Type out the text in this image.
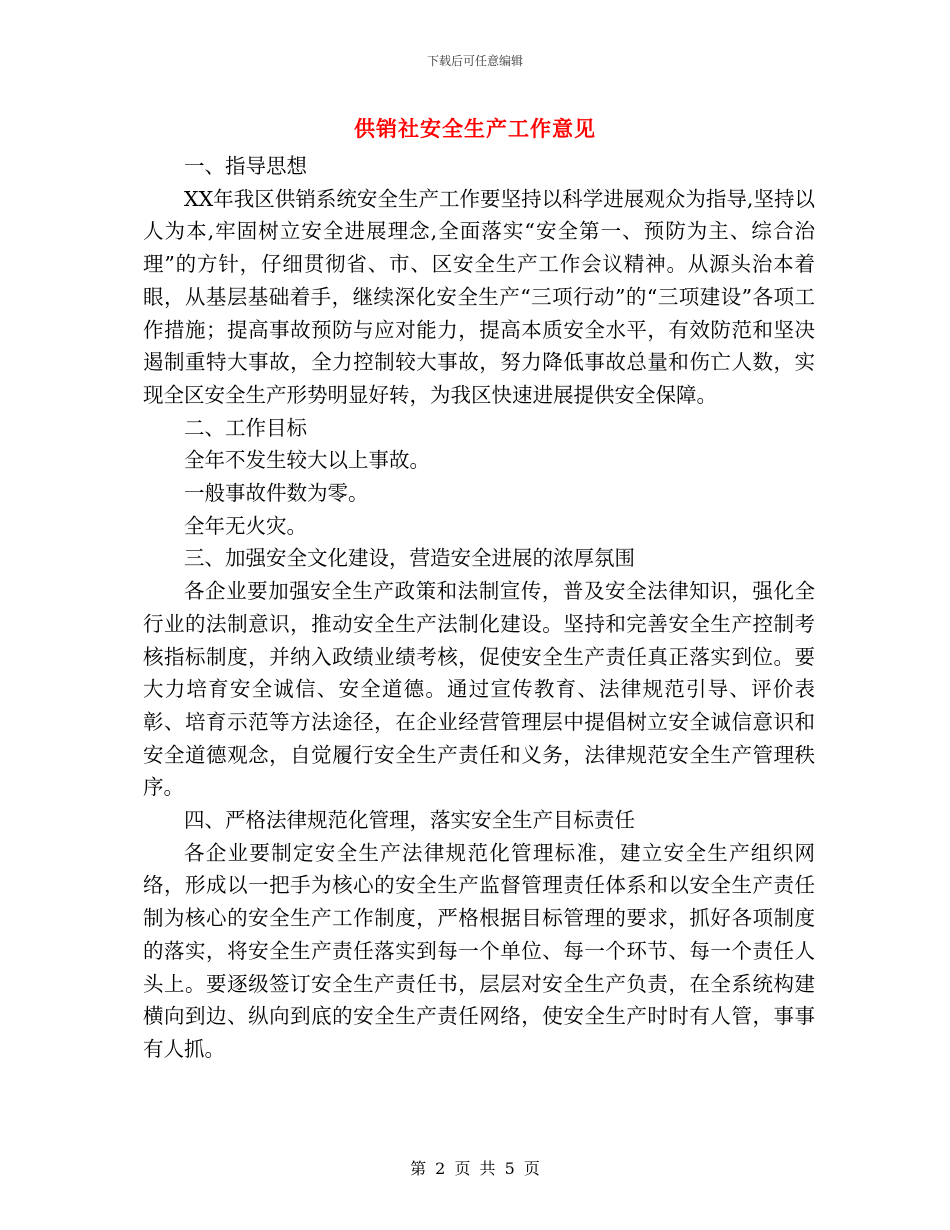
下载后可任意编辑
供销社安全生产工作意见

一、指导思想

XX年我区供销系统安全生产工作要坚持以科学进展观众为指导,坚持以人为本,牢固树立安全进展理念,全面落实“安全第一、预防为主、综合治理”的方针，仔细贯彻省、市、区安全生产工作会议精神。从源头治本着眼，从基层基础着手，继续深化安全生产“三项行动”的“三项建设”各项工作措施；提高事故预防与应对能力，提高本质安全水平，有效防范和坚决遏制重特大事故，全力控制较大事故，努力降低事故总量和伤亡人数，实现全区安全生产形势明显好转，为我区快速进展提供安全保障。

二、工作目标

全年不发生较大以上事故。

一般事故件数为零。

全年无火灾。

三、加强安全文化建设，营造安全进展的浓厚氛围

各企业要加强安全生产政策和法制宣传，普及安全法律知识，强化全行业的法制意识，推动安全生产法制化建设。坚持和完善安全生产控制考核指标制度，并纳入政绩业绩考核，促使安全生产责任真正落实到位。要大力培育安全诚信、安全道德。通过宣传教育、法律规范引导、评价表彰、培育示范等方法途径，在企业经营管理层中提倡树立安全诚信意识和安全道德观念，自觉履行安全生产责任和义务，法律规范安全生产管理秩序。

四、严格法律规范化管理，落实安全生产目标责任

各企业要制定安全生产法律规范化管理标准，建立安全生产组织网络，形成以一把手为核心的安全生产监督管理责任体系和以安全生产责任制为核心的安全生产工作制度，严格根据目标管理的要求，抓好各项制度的落实，将安全生产责任落实到每一个单位、每一个环节、每一个责任人头上。要逐级签订安全生产责任书，层层对安全生产负责，在全系统构建横向到边、纵向到底的安全生产责任网络，使安全生产时时有人管，事事有人抓。

第 2 页 共 5 页
